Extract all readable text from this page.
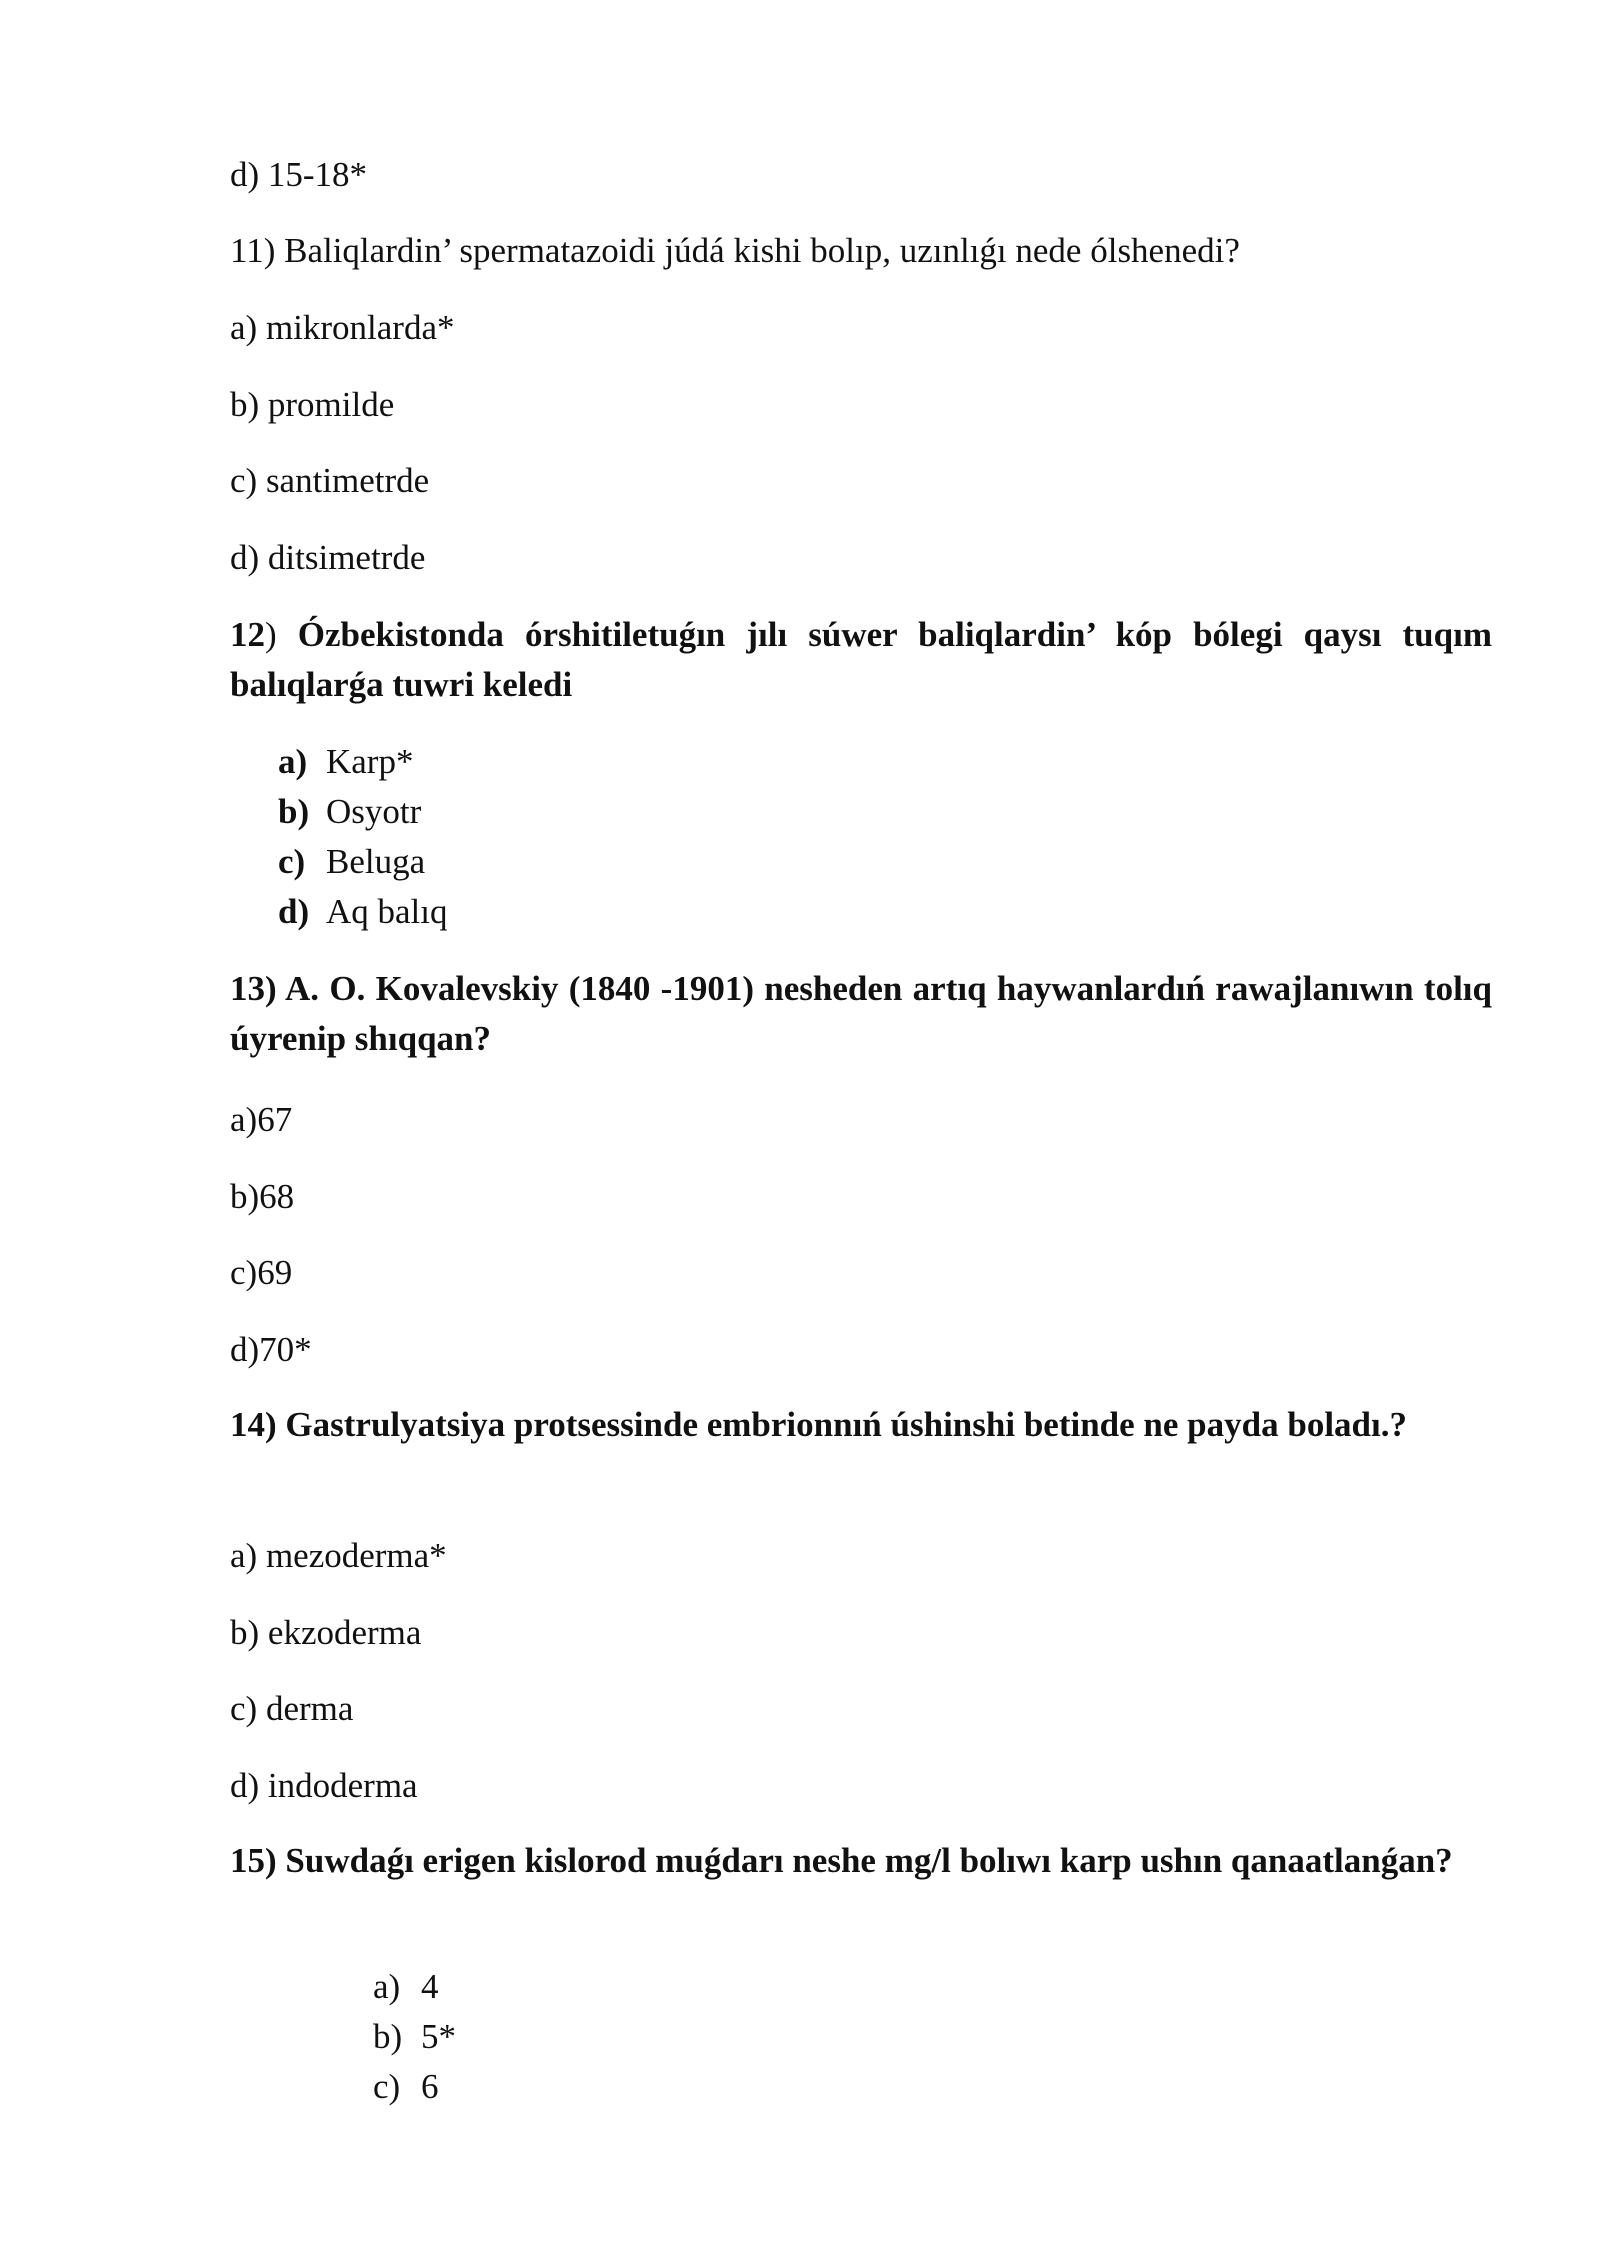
d) 15-18*
11) Baliqlardin’ spermatazoidi júdá kishi bolıp, uzınlıǵı nede ólshenedi?
a) mikronlarda*
b) promilde
c) santimetrde
d) ditsimetrde
12) Ózbekistonda órshitiletuǵın jılı súwer baliqlardin’ kóp bólegi qaysı tuqım balıqlarǵa tuwri keledi
a) Karp*
b) Osyotr
c) Beluga
d) Aq balıq
13) A. O. Kovalevskiy (1840 -1901) nesheden artıq haywanlardıń rawajlanıwın tolıq úyrenip shıqqan?
a)67
b)68
c)69
d)70*
14) Gastrulyatsiya protsessinde embrionnıń úshinshi betinde ne payda boladı.?
a) mezoderma*
b) ekzoderma
c) derma
d) indoderma
15) Suwdaǵı erigen kislorod muǵdarı neshe mg/l bolıwı karp ushın qanaatlanǵan?
a) 4
b) 5*
c) 6
